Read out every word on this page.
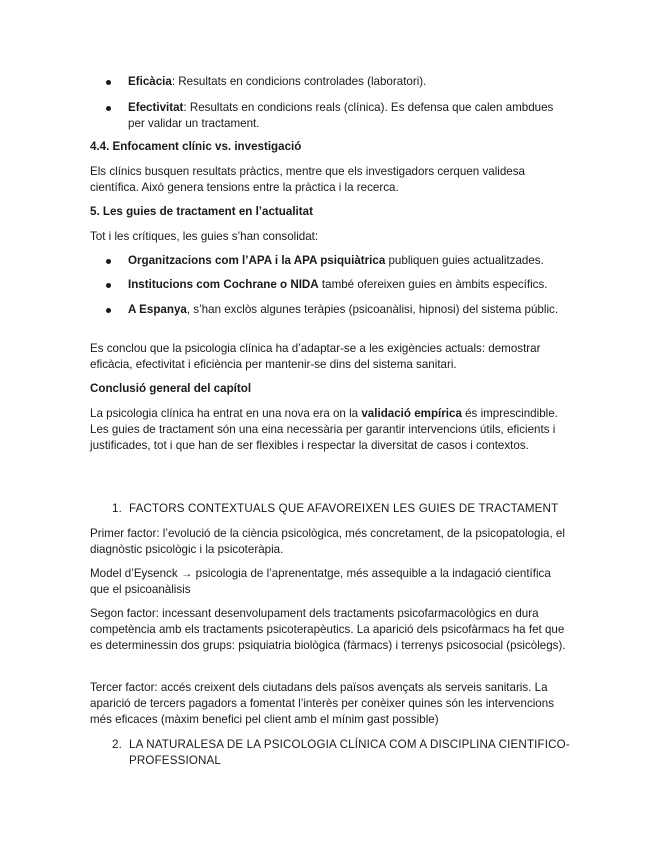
Eficàcia: Resultats en condicions controlades (laboratori).
Efectivitat: Resultats en condicions reals (clínica). Es defensa que calen ambdues per validar un tractament.

4.4. Enfocament clínic vs. investigació

Els clínics busquen resultats pràctics, mentre que els investigadors cerquen validesa científica. Això genera tensions entre la pràctica i la recerca.

5. Les guies de tractament en l’actualitat

Tot i les crítiques, les guies s’han consolidat:

Organitzacions com l’APA i la APA psiquiàtrica publiquen guies actualitzades.
Institucions com Cochrane o NIDA també ofereixen guies en àmbits específics.
A Espanya, s’han exclòs algunes teràpies (psicoanàlisi, hipnosi) del sistema públic.

Es conclou que la psicologia clínica ha d’adaptar-se a les exigències actuals: demostrar eficàcia, efectivitat i eficiència per mantenir-se dins del sistema sanitari.

Conclusió general del capítol

La psicologia clínica ha entrat en una nova era on la validació empírica és imprescindible. Les guies de tractament són una eina necessària per garantir intervencions útils, eficients i justificades, tot i que han de ser flexibles i respectar la diversitat de casos i contextos.

1. FACTORS CONTEXTUALS QUE AFAVOREIXEN LES GUIES DE TRACTAMENT

Primer factor: l’evolució de la ciència psicològica, més concretament, de la psicopatologia, el diagnòstic psicològic i la psicoteràpia.

Model d’Eysenck → psicologia de l’aprenentatge, més assequible a la indagació científica que el psicoanàlisis

Segon factor: incessant desenvolupament dels tractaments psicofarmacològics en dura competència amb els tractaments psicoterapèutics. La aparició dels psicofàrmacs ha fet que es determinessin dos grups: psiquiatria biològica (fàrmacs) i terrenys psicosocial (psicòlegs).

Tercer factor: accés creixent dels ciutadans dels països avençats als serveis sanitaris. La aparició de tercers pagadors a fomentat l’interès per conèixer quines són les intervencions més eficaces (màxim benefici pel client amb el mínim gast possible)

2. LA NATURALESA DE LA PSICOLOGIA CLÍNICA COM A DISCIPLINA CIENTIFICO-PROFESSIONAL
